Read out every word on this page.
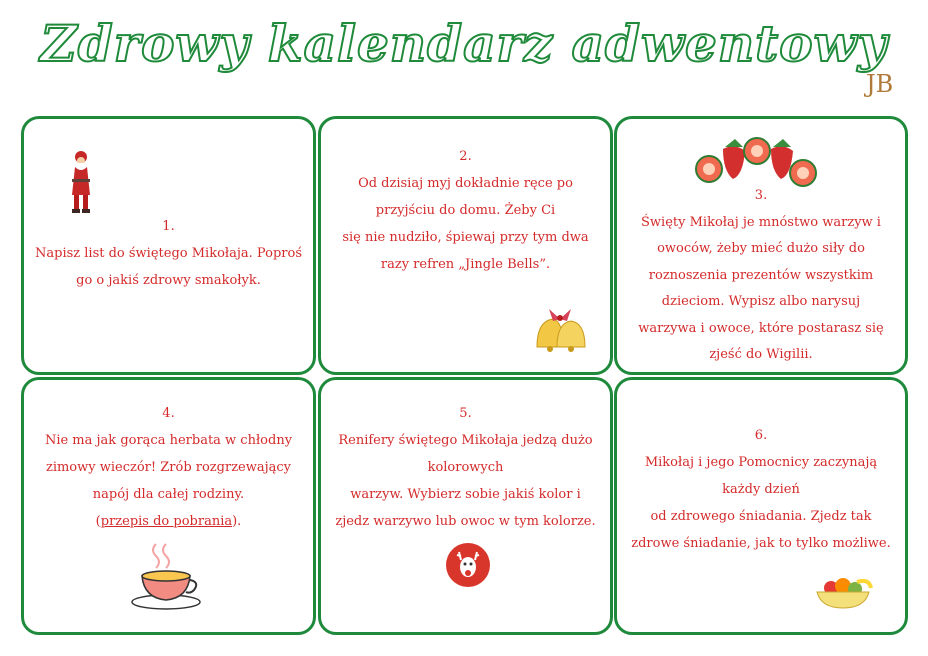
Zdrowy kalendarz adwentowy
JB
1.
Napisz list do świętego Mikołaja. Poproś
go o jakiś zdrowy smakołyk.
2.
Od dzisiaj myj dokładnie ręce po
przyjściu do domu. Żeby Ci
się nie nudziło, śpiewaj przy tym dwa
razy refren „Jingle Bells”.
3.
Święty Mikołaj je mnóstwo warzyw i
owoców, żeby mieć dużo siły do
roznoszenia prezentów wszystkim
dzieciom. Wypisz albo narysuj
warzywa i owoce, które postarasz się
zjeść do Wigilii.
4.
Nie ma jak gorąca herbata w chłodny
zimowy wieczór! Zrób rozgrzewający
napój dla całej rodziny.
(przepis do pobrania).
5.
Renifery świętego Mikołaja jedzą dużo
kolorowych
warzyw. Wybierz sobie jakiś kolor i
zjedz warzywo lub owoc w tym kolorze.
6.
Mikołaj i jego Pomocnicy zaczynają
każdy dzień
od zdrowego śniadania. Zjedz tak
zdrowe śniadanie, jak to tylko możliwe.
